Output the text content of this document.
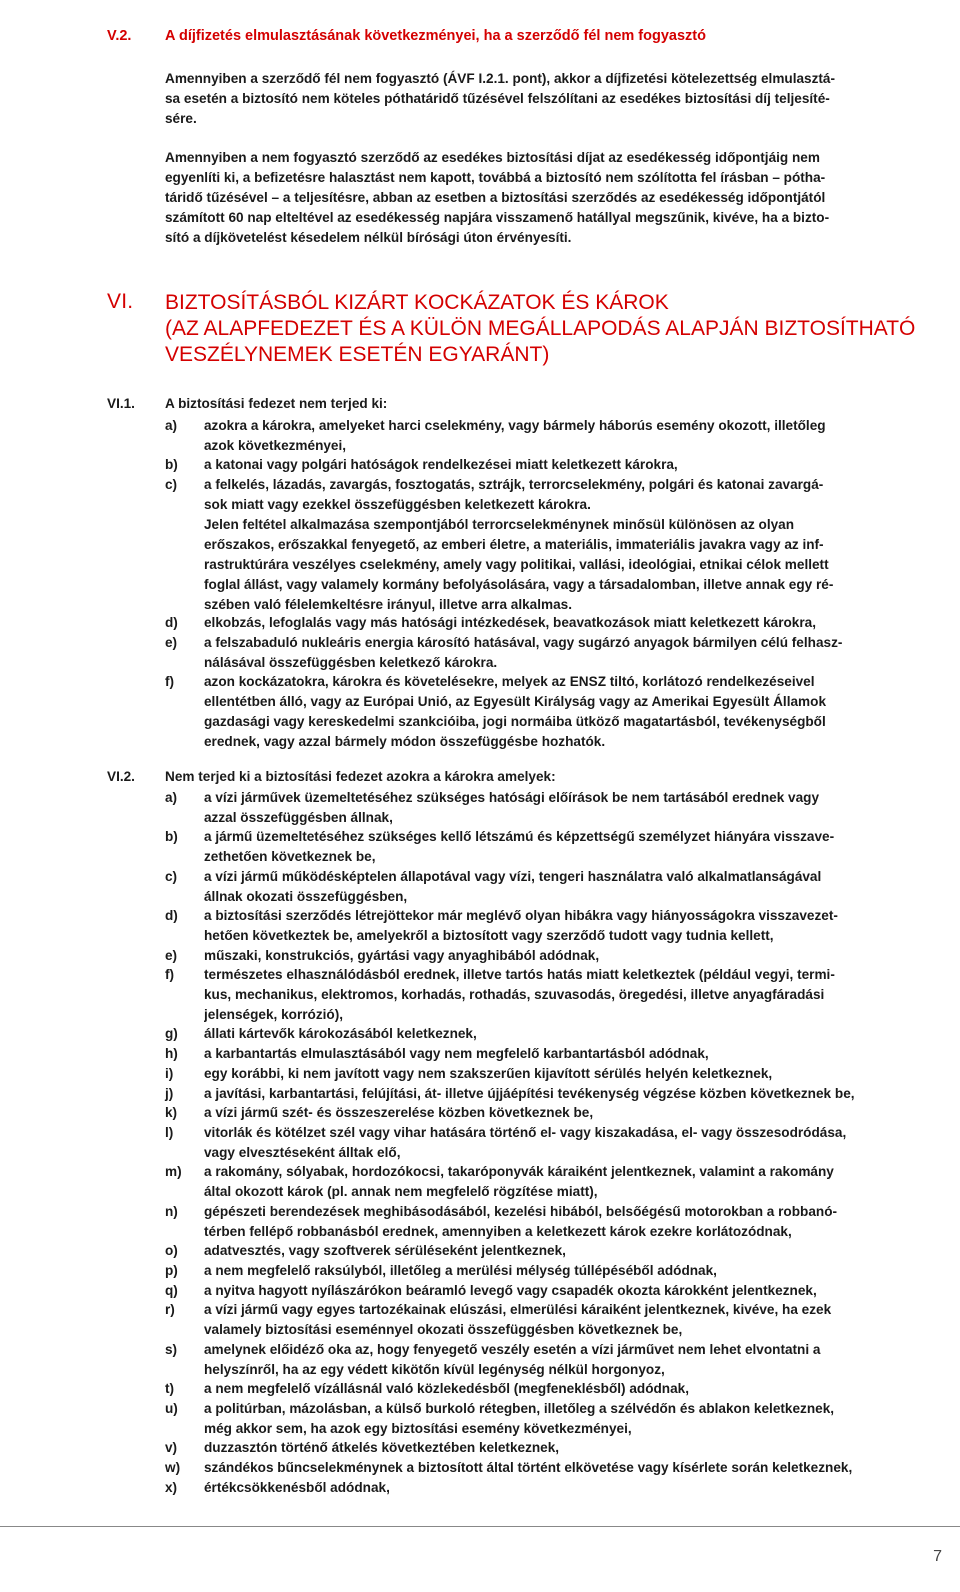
V.2. A díjfizetés elmulasztásának következményei, ha a szerződő fél nem fogyasztó
Amennyiben a szerződő fél nem fogyasztó (ÁVF I.2.1. pont), akkor a díjfizetési kötelezettség elmulasztá-
sa esetén a biztosító nem köteles póthatáridő tűzésével felszólítani az esedékes biztosítási díj teljesíté-
sére.
Amennyiben a nem fogyasztó szerződő az esedékes biztosítási díjat az esedékesség időpontjáig nem
egyenlíti ki, a befizetésre halasztást nem kapott, továbbá a biztosító nem szólította fel írásban – pótha-
táridő tűzésével – a teljesítésre, abban az esetben a biztosítási szerződés az esedékesség időpontjától
számított 60 nap elteltével az esedékesség napjára visszamenő hatállyal megszűnik, kivéve, ha a bizto-
sító a díjkövetelést késedelem nélkül bírósági úton érvényesíti.
VI. BIZTOSÍTÁSBÓL KIZÁRT KOCKÁZATOK ÉS KÁROK
(AZ ALAPFEDEZET ÉS A KÜLÖN MEGÁLLAPODÁS ALAPJÁN BIZTOSÍTHATÓ
VESZÉLYNEMEK ESETÉN EGYARÁNT)
VI.1. A biztosítási fedezet nem terjed ki:
a) azokra a károkra, amelyeket harci cselekmény, vagy bármely háborús esemény okozott, illetőleg
azok következményei,
b) a katonai vagy polgári hatóságok rendelkezései miatt keletkezett károkra,
c) a felkelés, lázadás, zavargás, fosztogatás, sztrájk, terrorcselekmény, polgári és katonai zavargá-
sok miatt vagy ezekkel összefüggésben keletkezett károkra.
Jelen feltétel alkalmazása szempontjából terrorcselekménynek minősül különösen az olyan
erőszakos, erőszakkal fenyegető, az emberi életre, a materiális, immateriális javakra vagy az inf-
rastruktúrára veszélyes cselekmény, amely vagy politikai, vallási, ideológiai, etnikai célok mellett
foglal állást, vagy valamely kormány befolyásolására, vagy a társadalomban, illetve annak egy ré-
szében való félelemkeltésre irányul, illetve arra alkalmas.
d) elkobzás, lefoglalás vagy más hatósági intézkedések, beavatkozások miatt keletkezett károkra,
e) a felszabaduló nukleáris energia károsító hatásával, vagy sugárzó anyagok bármilyen célú felhasz-
nálásával összefüggésben keletkező károkra.
f) azon kockázatokra, károkra és követelésekre, melyek az ENSZ tiltó, korlátozó rendelkezéseivel
ellentétben álló, vagy az Európai Unió, az Egyesült Királyság vagy az Amerikai Egyesült Államok
gazdasági vagy kereskedelmi szankcióiba, jogi normáiba ütköző magatartásból, tevékenységből
erednek, vagy azzal bármely módon összefüggésbe hozhatók.
VI.2. Nem terjed ki a biztosítási fedezet azokra a károkra amelyek:
a) a vízi járművek üzemeltetéséhez szükséges hatósági előírások be nem tartásából erednek vagy
azzal összefüggésben állnak,
b) a jármű üzemeltetéséhez szükséges kellő létszámú és képzettségű személyzet hiányára visszave-
zethetően következnek be,
c) a vízi jármű működésképtelen állapotával vagy vízi, tengeri használatra való alkalmatlanságával
állnak okozati összefüggésben,
d) a biztosítási szerződés létrejöttekor már meglévő olyan hibákra vagy hiányosságokra visszavezet-
hetően következtek be, amelyekről a biztosított vagy szerződő tudott vagy tudnia kellett,
e) műszaki, konstrukciós, gyártási vagy anyaghibából adódnak,
f) természetes elhasználódásból erednek, illetve tartós hatás miatt keletkeztek (például vegyi, termi-
kus, mechanikus, elektromos, korhadás, rothadás, szuvasodás, öregedési, illetve anyagfáradási
jelenségek, korrózió),
g) állati kártevők károkozásából keletkeznek,
h) a karbantartás elmulasztásából vagy nem megfelelő karbantartásból adódnak,
i) egy korábbi, ki nem javított vagy nem szakszerűen kijavított sérülés helyén keletkeznek,
j) a javítási, karbantartási, felújítási, át- illetve újjáépítési tevékenység végzése közben következnek be,
k) a vízi jármű szét- és összeszerelése közben következnek be,
l) vitorlák és kötélzet szél vagy vihar hatására történő el- vagy kiszakadása, el- vagy összesodródása,
vagy elvesztéseként álltak elő,
m) a rakomány, sólyabak, hordozókocsi, takaróponyvák káraiként jelentkeznek, valamint a rakomány
által okozott károk (pl. annak nem megfelelő rögzítése miatt),
n) gépészeti berendezések meghibásodásából, kezelési hibából, belsőégésű motorokban a robbanó-
térben fellépő robbanásból erednek, amennyiben a keletkezett károk ezekre korlátozódnak,
o) adatvesztés, vagy szoftverek sérüléseként jelentkeznek,
p) a nem megfelelő raksúlyból, illetőleg a merülési mélység túllépéséből adódnak,
q) a nyitva hagyott nyílászárókon beáramló levegő vagy csapadék okozta károkként jelentkeznek,
r) a vízi jármű vagy egyes tartozékainak elúszási, elmerülési káraiként jelentkeznek, kivéve, ha ezek
valamely biztosítási eseménnyel okozati összefüggésben következnek be,
s) amelynek előidéző oka az, hogy fenyegető veszély esetén a vízi járművet nem lehet elvontatni a
helyszínről, ha az egy védett kikötőn kívül legénység nélkül horgonyoz,
t) a nem megfelelő vízállásnál való közlekedésből (megfeneklésből) adódnak,
u) a politúrban, mázolásban, a külső burkoló rétegben, illetőleg a szélvédőn és ablakon keletkeznek,
még akkor sem, ha azok egy biztosítási esemény következményei,
v) duzzasztón történő átkelés következtében keletkeznek,
w) szándékos bűncselekménynek a biztosított által történt elkövetése vagy kísérlete során keletkeznek,
x) értékcsökkenésből adódnak,
7
